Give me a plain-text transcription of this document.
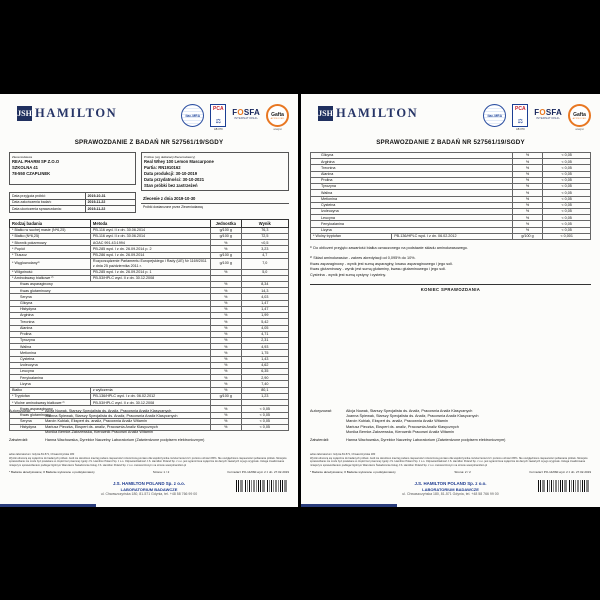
JSH HAMILTON	ilac-MRA
PCA
⚖
AB 079
FOSFA
INTERNATIONAL
Gafta
APPROVED
analyst
SPRAWOZDANIE Z BADAŃ NR 527561/19/SGDY
Zleceniodawca
REAL PHARM SP Z.O.O
SZKOLNA 41
78-550 CZAPLINEK
Data przyjęcia próbki:	2019-10-31
Data zakończenia badań:	2019-11-22
Data ukończenia sprawozdania:	2019-11-22
Próbka: (wg deklaracji Zleceniodawcy)
Real Whey 100 Lemon Mascarpone
Partia: RN1910162
Data produkcji: 30-10-2019
Data przydatności: 30-10-2021
Stan próbki bez zastrzeżeń
Zlecenie z dnia 2019-10-30
Próbki dostarczone przez Zleceniodawcę
Rodzaj badania	Metoda	Jednostka	Wynik
* Białko w suchej masie (N*6,25)	PB-116 wyd. II z dn. 30.06.2014	g/100 g	76,3
* Białko (N*6,25)	PB-116 wyd. II z dn. 30.06.2014	g/100 g	72,5
* Błonnik pokarmowy	AOAC 991.43:1994	%	<0,5
* Popiół	PB-285 wyd. I z dn. 26.09.2014 p. 2	%	3,23
* Tłuszcz	PB-286 wyd. I z dn. 26.09.2014	g/100 g	4,7
* Węglowodany¹⁾	Rozporządzenie Parlamentu Europejskiego i Rady (UE) Nr 1169/2011 z dnia 25 października 2011 r.	g/100 g	7,0
* Wilgotność	PB-285 wyd. I z dn. 26.09.2014 p. 1	%	5,0
* Aminokwasy białkowe ²⁾	PB-53/HPLC wyd. II z dn. 30.12.2008		
Kwas asparaginowy		%	8,34
Kwas glutaminowy		%	14,3
Seryna		%	4,03
Glicyna		%	1,47
Histydyna		%	1,47
Arginina		%	1,99
Treonina		%	5,42
Alanina		%	4,05
Prolina		%	4,71
Tyrozyna		%	2,31
Walina		%	4,93
Metionina		%	1,75
Cysteina		%	1,43
Izoleucyna		%	4,62
Leucyna		%	6,35
Fenyloalanina		%	2,90
Lizyna		%	7,40
Białko	z wyliczenia	%	80,1
* Tryptofan	PB-136/HPLC wyd. I z dn. 06.02.2012	g/100 g	1,23
* Wolne aminokwasy białkowe ²⁾	PB-53/HPLC wyd. II z dn. 30.12.2008		
Kwas asparaginowy		%	< 0,05
Kwas glutaminowy		%	< 0,05
Seryna		%	< 0,05
Histydyna		%	< 0,05
Autoryzował:	Alicja Nowak, Starszy Specjalista ds. Analiz, Pracownia Analiz Klasycznych
Joanna Śpiewak, Starszy Specjalista ds. Analiz, Pracownia Analiz Klasycznych
Marcin Kubiak, Ekspert ds. analiz, Pracownia Analiz Witamin
Mariusz Pieczka, Ekspert ds. analiz, Pracownia Analiz Klasycznych
Monika Bernke-Zakrzewska, Kierownik Pracowni Analiz Witamin
Zatwierdził:	Hanna Wachowska, Dyrektor Naczelny Laboratorium (Zatwierdzone podpisem elektronicznym)
adres laboratorium: Gdynia 81-571, Chwaszczyńska 180
Wyniki odnoszą się wyłącznie do badanych próbek. Jeśli nie określono inaczej podano niepewność rozszerzoną pomiaru dla współczynnika rozszerzenia k=2 i poziomu ufności 95%. Nie uwzględniono niepewności pobierania próbek. Niniejsze sprawozdanie nie może być powielane w części bez pisemnej zgody J.S. Hamilton Poland Sp. z o.o. Odpowiedzialność J.S. Hamilton Poland Sp. z o.o. jest ograniczona wyłącznie do danych zawartych w jego oryginale. Usługa zrealizowana niniejszym sprawozdaniem podlega Ogólnym Warunkom Świadczenia Usług J.S. Hamilton Poland Sp. z o.o. zamieszczonym na stronie www.jshamilton.pl
* Badanie akredytowane; # Badanie wykonane u podwykonawcy	Strona: 1 / 2	Formularz PO-14/08d wyd. 2 z dn. 27.02.2019
J.S. HAMILTON POLAND Sp. z o.o.
LABORATORIUM BADAWCZE
ul. Chwaszczyńska 180, 81-571 Gdynia, tel. +48 58 766 99 00
JSH HAMILTON	ilac-MRA
PCA
⚖
AB 079
FOSFA
INTERNATIONAL
Gafta
APPROVED
analyst
SPRAWOZDANIE Z BADAŃ NR 527561/19/SGDY
Glicyna		%	< 0,05
Arginina		%	< 0,05
Treonina		%	< 0,05
Alanina		%	< 0,05
Prolina		%	< 0,05
Tyrozyna		%	< 0,05
Walina		%	< 0,05
Metionina		%	< 0,05
Cysteina		%	< 0,05
Izoleucyna		%	< 0,05
Leucyna		%	< 0,05
Fenyloalanina		%	< 0,05
Lizyna		%	< 0,05
* Wolny tryptofan	PB-136/HPLC wyd. I z dn. 06.02.2012	g/100 g	< 0,001
¹⁾ Do obliczeń przyjęto zawartość białka oznaczonego na podstawie składu aminokwasowego.
²⁾ Skład aminokwasów - zakres akredytacji od 0,095% do 10%.
Kwas asparaginowy - wynik jest sumą asparaginy, kwasu asparaginowego i jego soli.
Kwas glutaminowy - wynik jest sumą glutaminy, kwasu glutaminowego i jego soli.
Cysteina - wynik jest sumą cystyny i cysteiny.
KONIEC SPRAWOZDANIA
Autoryzował:	Alicja Nowak, Starszy Specjalista ds. Analiz, Pracownia Analiz Klasycznych
Joanna Śpiewak, Starszy Specjalista ds. Analiz, Pracownia Analiz Klasycznych
Marcin Kubiak, Ekspert ds. analiz, Pracownia Analiz Witamin
Mariusz Pieczka, Ekspert ds. analiz, Pracownia Analiz Klasycznych
Monika Bernke-Zakrzewska, Kierownik Pracowni Analiz Witamin
Zatwierdził:	Hanna Wachowska, Dyrektor Naczelny Laboratorium (Zatwierdzone podpisem elektronicznym)
adres laboratorium: Gdynia 81-571, Chwaszczyńska 180
Wyniki odnoszą się wyłącznie do badanych próbek. Jeśli nie określono inaczej podano niepewność rozszerzoną pomiaru dla współczynnika rozszerzenia k=2 i poziomu ufności 95%. Nie uwzględniono niepewności pobierania próbek. Niniejsze sprawozdanie nie może być powielane w części bez pisemnej zgody J.S. Hamilton Poland Sp. z o.o. Odpowiedzialność J.S. Hamilton Poland Sp. z o.o. jest ograniczona wyłącznie do danych zawartych w jego oryginale. Usługa zrealizowana niniejszym sprawozdaniem podlega Ogólnym Warunkom Świadczenia Usług J.S. Hamilton Poland Sp. z o.o. zamieszczonym na stronie www.jshamilton.pl
* Badanie akredytowane; # Badanie wykonane u podwykonawcy	Strona: 2 / 2	Formularz PO-14/08d wyd. 2 z dn. 27.02.2019
J.S. HAMILTON POLAND Sp. z o.o.
LABORATORIUM BADAWCZE
ul. Chwaszczyńska 180, 81-571 Gdynia, tel. +48 58 766 99 00
